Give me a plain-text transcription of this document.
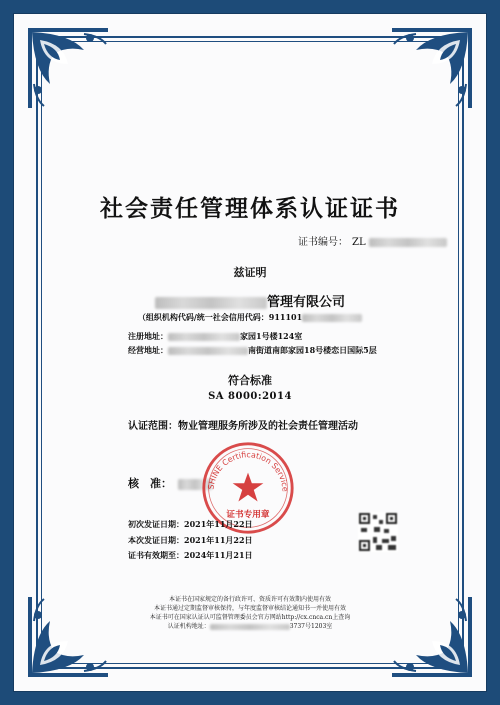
社会责任管理体系认证证书
证书编号： ZL
兹证明
管理有限公司
（组织机构代码/统一社会信用代码：911101
注册地址：	家园1号楼124室
经营地址：	南街道南郎家园18号楼恋日国际5层
符合标准
SA 8000:2014
认证范围：物业管理服务所涉及的社会责任管理活动
核　准：	SHINE Certification Service
证书专用章
初次发证日期：2021年11月22日
本次发证日期：2021年11月22日
证书有效期至：2024年11月21日
本证书在国家规定的备行政许可、资质许可有效期内使用有效
本证书通过定期监督审核保持，与年度监督审核结论通知书一并使用有效
本证书可在国家认证认可监督管理委员会官方网站http://cx.cnca.cn上查询
认证机构地址：	3737号1203室
